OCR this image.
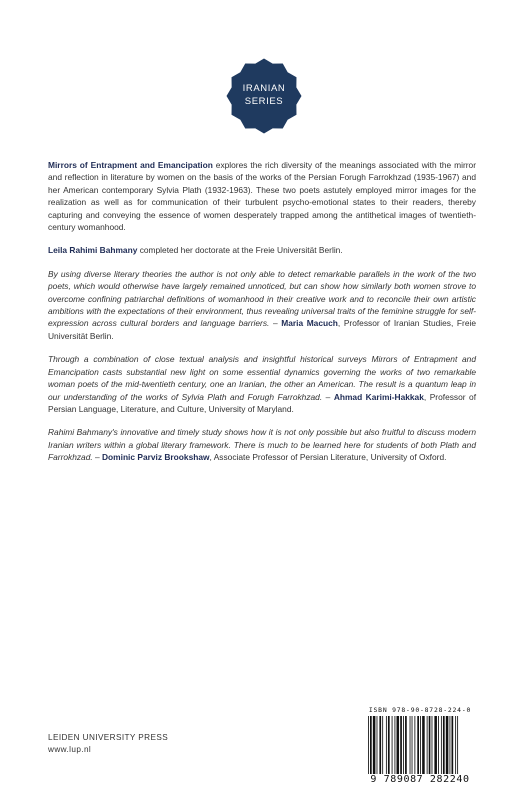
IRANIAN
SERIES

Mirrors of Entrapment and Emancipation explores the rich diversity of the meanings associated with the mirror and reflection in literature by women on the basis of the works of the Persian Forugh Farrokhzad (1935-1967) and her American contemporary Sylvia Plath (1932-1963). These two poets astutely employed mirror images for the realization as well as for communication of their turbulent psycho-emotional states to their readers, thereby capturing and conveying the essence of women desperately trapped among the antithetical images of twentieth-century womanhood.

Leila Rahimi Bahmany completed her doctorate at the Freie Universität Berlin.

By using diverse literary theories the author is not only able to detect remarkable parallels in the work of the two poets, which would otherwise have largely remained unnoticed, but can show how similarly both women strove to overcome confining patriarchal definitions of womanhood in their creative work and to reconcile their own artistic ambitions with the expectations of their environment, thus revealing universal traits of the feminine struggle for self-expression across cultural borders and language barriers. – Maria Macuch, Professor of Iranian Studies, Freie Universität Berlin.

Through a combination of close textual analysis and insightful historical surveys Mirrors of Entrapment and Emancipation casts substantial new light on some essential dynamics governing the works of two remarkable woman poets of the mid-twentieth century, one an Iranian, the other an American. The result is a quantum leap in our understanding of the works of Sylvia Plath and Forugh Farrokhzad. – Ahmad Karimi-Hakkak, Professor of Persian Language, Literature, and Culture, University of Maryland.

Rahimi Bahmany's innovative and timely study shows how it is not only possible but also fruitful to discuss modern Iranian writers within a global literary framework. There is much to be learned here for students of both Plath and Farrokhzad. – Dominic Parviz Brookshaw, Associate Professor of Persian Literature, University of Oxford.

LEIDEN UNIVERSITY PRESS
www.lup.nl
ISBN 978-90-8728-224-0
9 789087 282240
